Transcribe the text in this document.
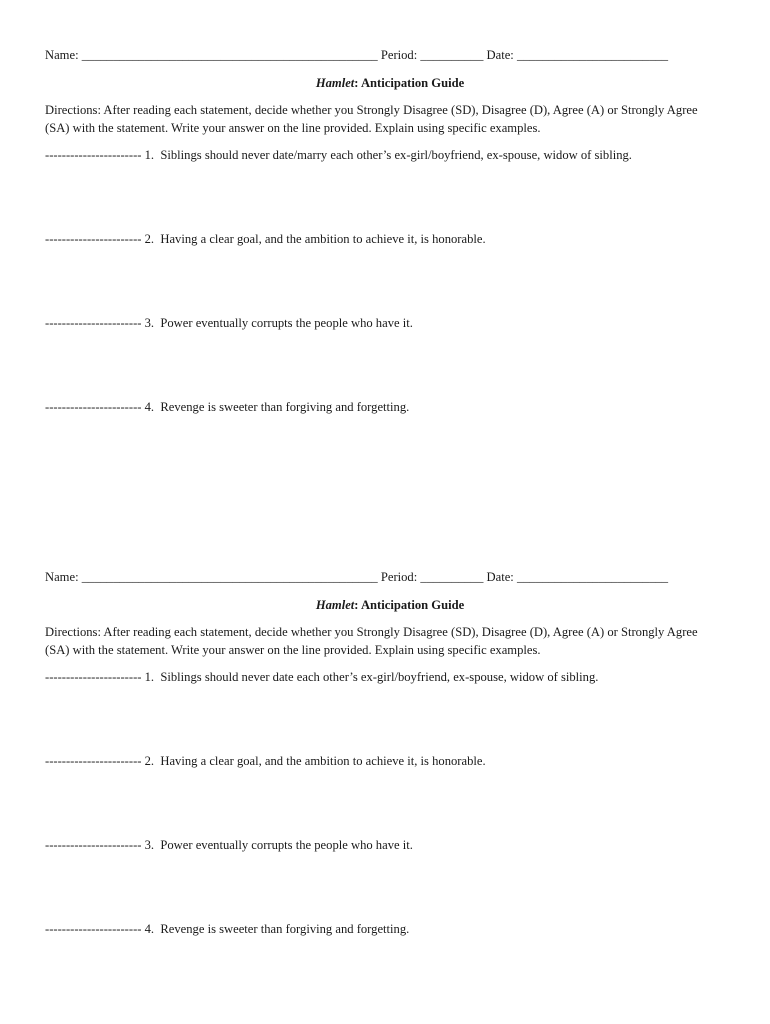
Name: _______________________________________________ Period: __________ Date: ________________________
Hamlet: Anticipation Guide
Directions: After reading each statement, decide whether you Strongly Disagree (SD), Disagree (D), Agree (A) or Strongly Agree (SA) with the statement. Write your answer on the line provided. Explain using specific examples.
----------------------- 1. Siblings should never date/marry each other’s ex-girl/boyfriend, ex-spouse, widow of sibling.
----------------------- 2. Having a clear goal, and the ambition to achieve it, is honorable.
----------------------- 3. Power eventually corrupts the people who have it.
----------------------- 4. Revenge is sweeter than forgiving and forgetting.
Name: _______________________________________________ Period: __________ Date: ________________________
Hamlet: Anticipation Guide
Directions: After reading each statement, decide whether you Strongly Disagree (SD), Disagree (D), Agree (A) or Strongly Agree (SA) with the statement. Write your answer on the line provided. Explain using specific examples.
----------------------- 1. Siblings should never date each other’s ex-girl/boyfriend, ex-spouse, widow of sibling.
----------------------- 2. Having a clear goal, and the ambition to achieve it, is honorable.
----------------------- 3. Power eventually corrupts the people who have it.
----------------------- 4. Revenge is sweeter than forgiving and forgetting.
